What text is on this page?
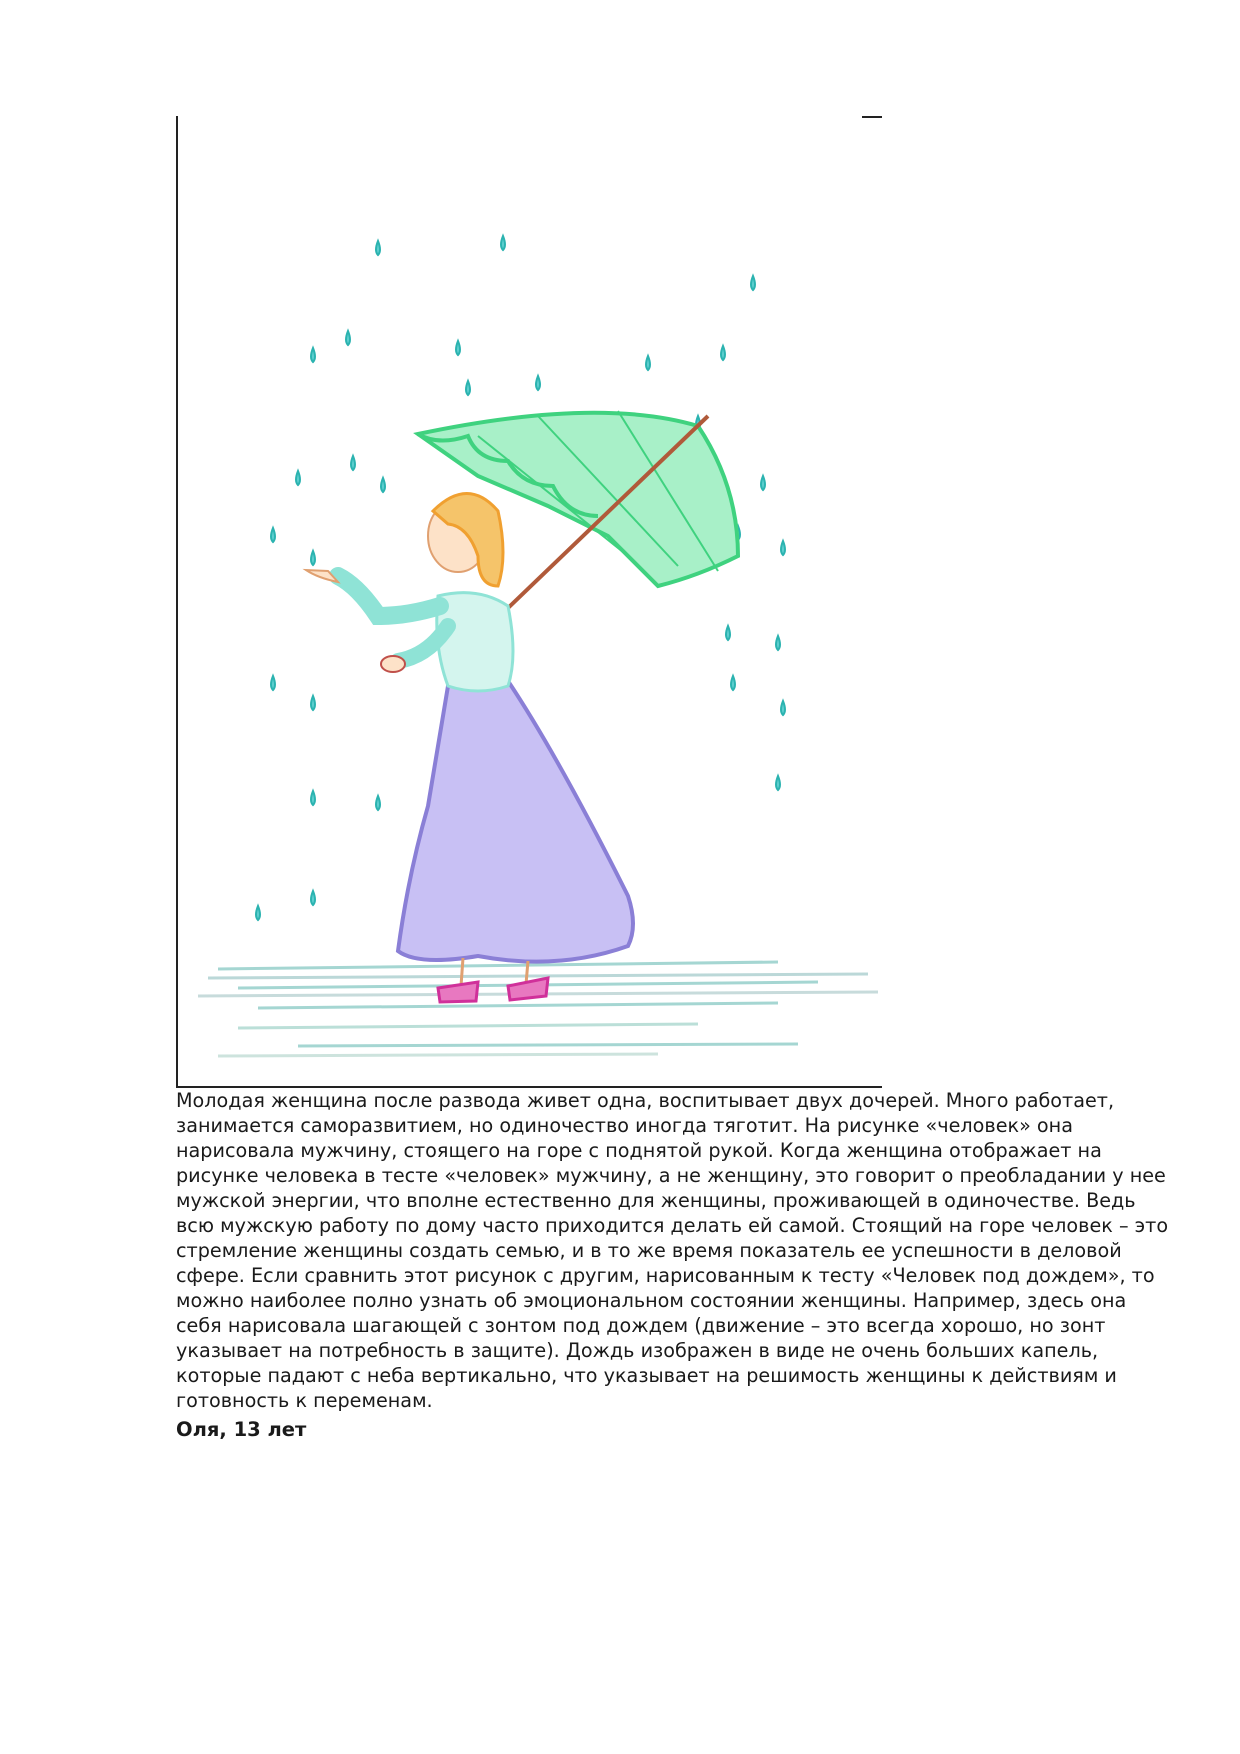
Молодая женщина после развода живет одна, воспитывает двух дочерей. Много работает, занимается саморазвитием, но одиночество иногда тяготит. На рисунке «человек» она нарисовала мужчину, стоящего на горе с поднятой рукой. Когда женщина отображает на рисунке человека в тесте «человек» мужчину, а не женщину, это говорит о преобладании у нее мужской энергии, что вполне естественно для женщины, проживающей в одиночестве. Ведь всю мужскую работу по дому часто приходится делать ей самой. Стоящий на горе человек – это стремление женщины создать семью, и в то же время показатель ее успешности в деловой сфере. Если сравнить этот рисунок с другим, нарисованным к тесту «Человек под дождем», то можно наиболее полно узнать об эмоциональном состоянии женщины. Например, здесь она себя нарисовала шагающей с зонтом под дождем (движение – это всегда хорошо, но зонт указывает на потребность в защите). Дождь изображен в виде не очень больших капель, которые падают с неба вертикально, что указывает на решимость женщины к действиям и готовность к переменам.

Оля, 13 лет
